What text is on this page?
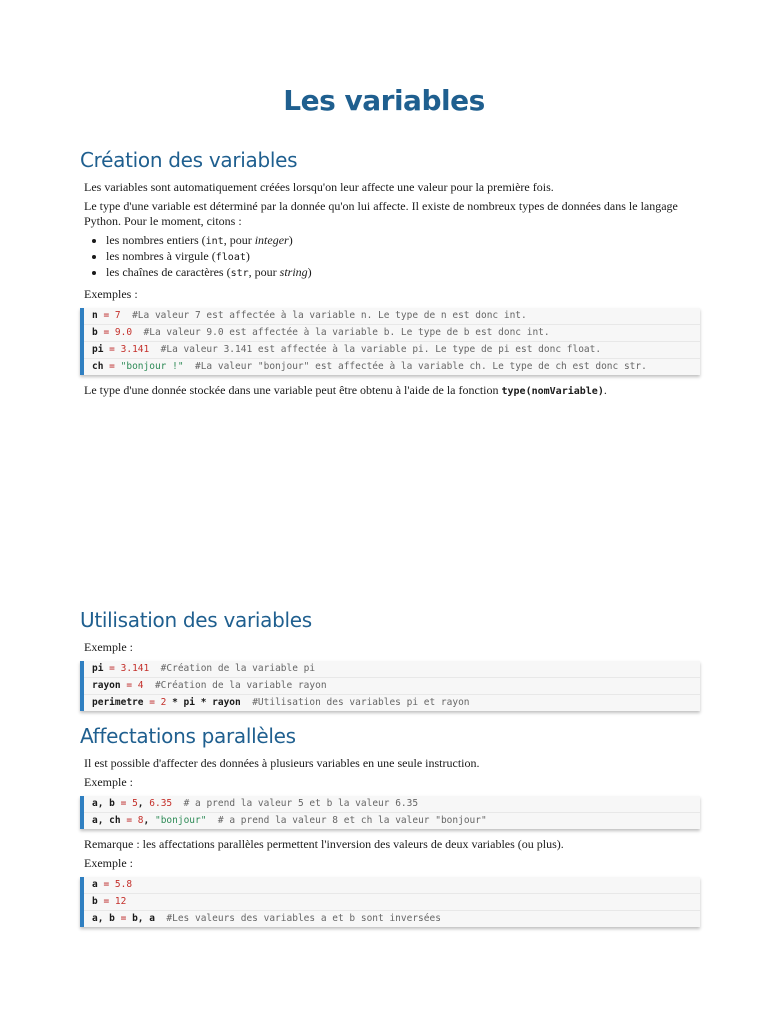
Les variables
Création des variables
Les variables sont automatiquement créées lorsqu'on leur affecte une valeur pour la première fois.
Le type d'une variable est déterminé par la donnée qu'on lui affecte. Il existe de nombreux types de données dans le langage Python. Pour le moment, citons :
• les nombres entiers (int, pour integer)
• les nombres à virgule (float)
• les chaînes de caractères (str, pour string)
Exemples :
n = 7  #La valeur 7 est affectée à la variable n. Le type de n est donc int.
b = 9.0  #La valeur 9.0 est affectée à la variable b. Le type de b est donc int.
pi = 3.141  #La valeur 3.141 est affectée à la variable pi. Le type de pi est donc float.
ch = "bonjour !"  #La valeur "bonjour" est affectée à la variable ch. Le type de ch est donc str.
Le type d'une donnée stockée dans une variable peut être obtenu à l'aide de la fonction type(nomVariable).
Utilisation des variables
Exemple :
pi = 3.141  #Création de la variable pi
rayon = 4  #Création de la variable rayon
perimetre = 2 * pi * rayon  #Utilisation des variables pi et rayon
Affectations parallèles
Il est possible d'affecter des données à plusieurs variables en une seule instruction.
Exemple :
a, b = 5, 6.35  # a prend la valeur 5 et b la valeur 6.35
a, ch = 8, "bonjour"  # a prend la valeur 8 et ch la valeur "bonjour"
Remarque : les affectations parallèles permettent l'inversion des valeurs de deux variables (ou plus).
Exemple :
a = 5.8
b = 12
a, b = b, a  #Les valeurs des variables a et b sont inversées
